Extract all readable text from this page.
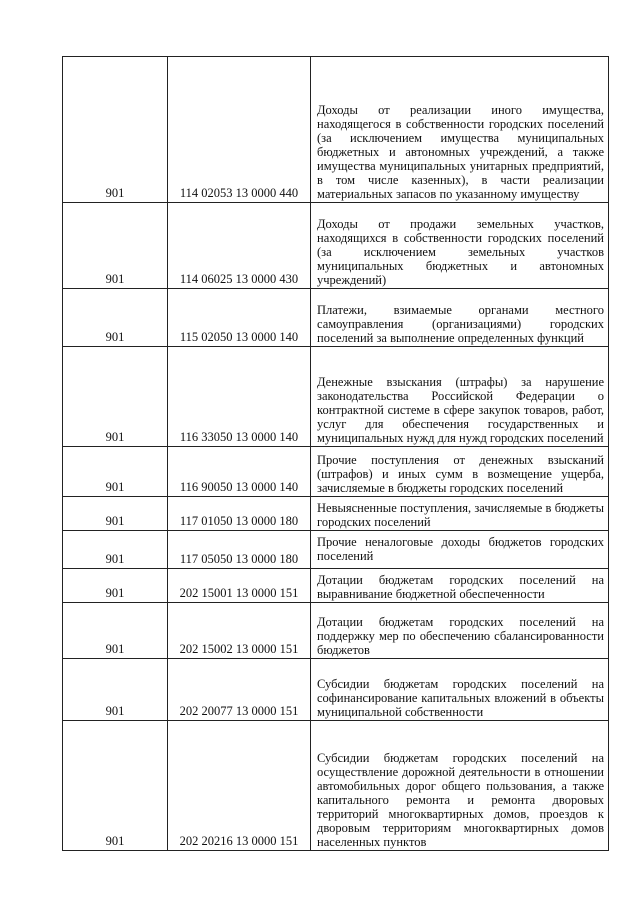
901	114 02053 13 0000 440	Доходы от реализации иного имущества, находящегося в собственности городских поселений (за исключением имущества муниципальных бюджетных и автономных учреждений, а также имущества муниципальных унитарных предприятий, в том числе казенных), в части реализации материальных запасов по указанному имуществу
901	114 06025 13 0000 430	Доходы от продажи земельных участков, находящихся в собственности городских поселений (за исключением земельных участков муниципальных бюджетных и автономных учреждений)
901	115 02050 13 0000 140	Платежи, взимаемые органами местного самоуправления (организациями) городских поселений за выполнение определенных функций
901	116 33050 13 0000 140	Денежные взыскания (штрафы) за нарушение законодательства Российской Федерации о контрактной системе в сфере закупок товаров, работ, услуг для обеспечения государственных и муниципальных нужд для нужд городских поселений
901	116 90050 13 0000 140	Прочие поступления от денежных взысканий (штрафов) и иных сумм в возмещение ущерба, зачисляемые в бюджеты городских поселений
901	117 01050 13 0000 180	Невыясненные поступления, зачисляемые в бюджеты городских поселений
901	117 05050 13 0000 180	Прочие неналоговые доходы бюджетов городских поселений
901	202 15001 13 0000 151	Дотации бюджетам городских поселений на выравнивание бюджетной обеспеченности
901	202 15002 13 0000 151	Дотации бюджетам городских поселений на поддержку мер по обеспечению сбалансированности бюджетов
901	202 20077 13 0000 151	Субсидии бюджетам городских поселений на софинансирование капитальных вложений в объекты муниципальной собственности
901	202 20216 13 0000 151	Субсидии бюджетам городских поселений на осуществление дорожной деятельности в отношении автомобильных дорог общего пользования, а также капитального ремонта и ремонта дворовых территорий многоквартирных домов, проездов к дворовым территориям многоквартирных домов населенных пунктов
